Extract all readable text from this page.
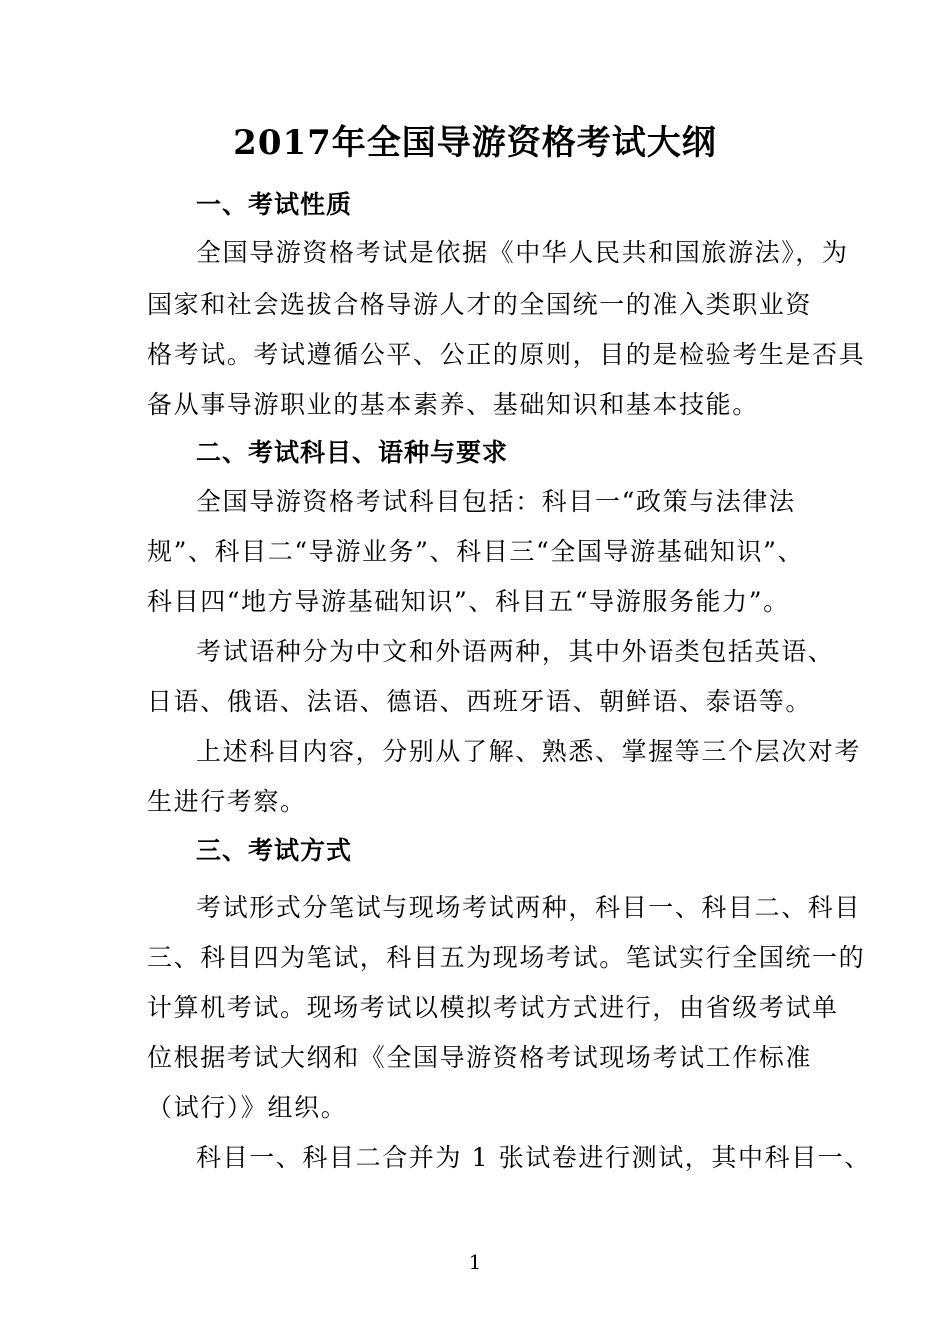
2017年全国导游资格考试大纲
一、考试性质
全国导游资格考试是依据《中华人民共和国旅游法》，为
国家和社会选拔合格导游人才的全国统一的准入类职业资
格考试。考试遵循公平、公正的原则，目的是检验考生是否具
备从事导游职业的基本素养、基础知识和基本技能。
二、考试科目、语种与要求
全国导游资格考试科目包括：科目一“政策与法律法
规”、科目二“导游业务”、科目三“全国导游基础知识”、
科目四“地方导游基础知识”、科目五“导游服务能力”。
考试语种分为中文和外语两种，其中外语类包括英语、
日语、俄语、法语、德语、西班牙语、朝鲜语、泰语等。
上述科目内容，分别从了解、熟悉、掌握等三个层次对考
生进行考察。
三、考试方式
考试形式分笔试与现场考试两种，科目一、科目二、科目
三、科目四为笔试，科目五为现场考试。笔试实行全国统一的
计算机考试。现场考试以模拟考试方式进行，由省级考试单
位根据考试大纲和《全国导游资格考试现场考试工作标准
（试行）》组织。
科目一、科目二合并为 1 张试卷进行测试，其中科目一、
1
